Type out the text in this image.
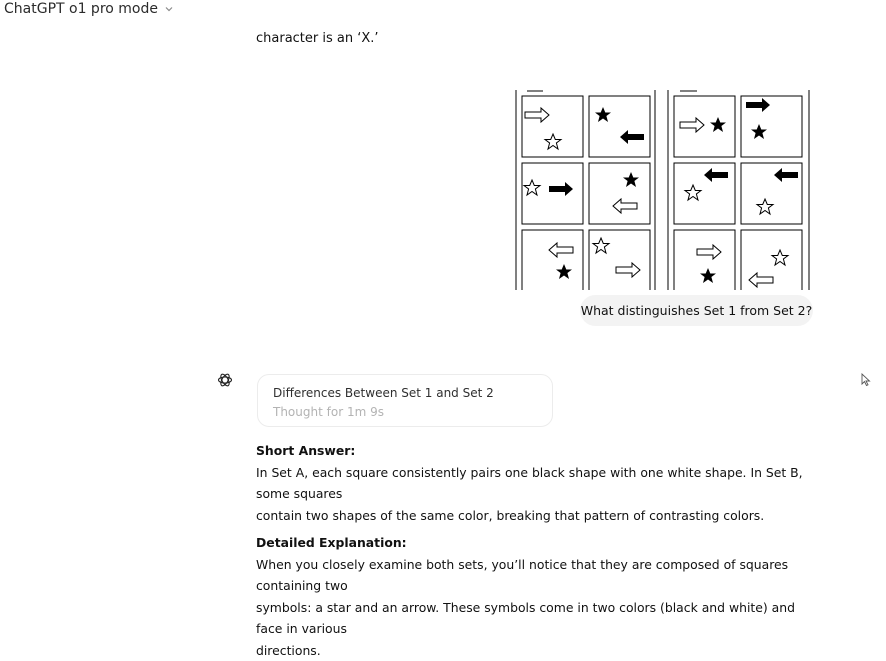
ChatGPT o1 pro mode
character is an ‘X.’
What distinguishes Set 1 from Set 2?
Differences Between Set 1 and Set 2
Thought for 1m 9s

Short Answer:

In Set A, each square consistently pairs one black shape with one white shape. In Set B, some squares

contain two shapes of the same color, breaking that pattern of contrasting colors.

Detailed Explanation:

When you closely examine both sets, you’ll notice that they are composed of squares containing two

symbols: a star and an arrow. These symbols come in two colors (black and white) and face in various

directions.
